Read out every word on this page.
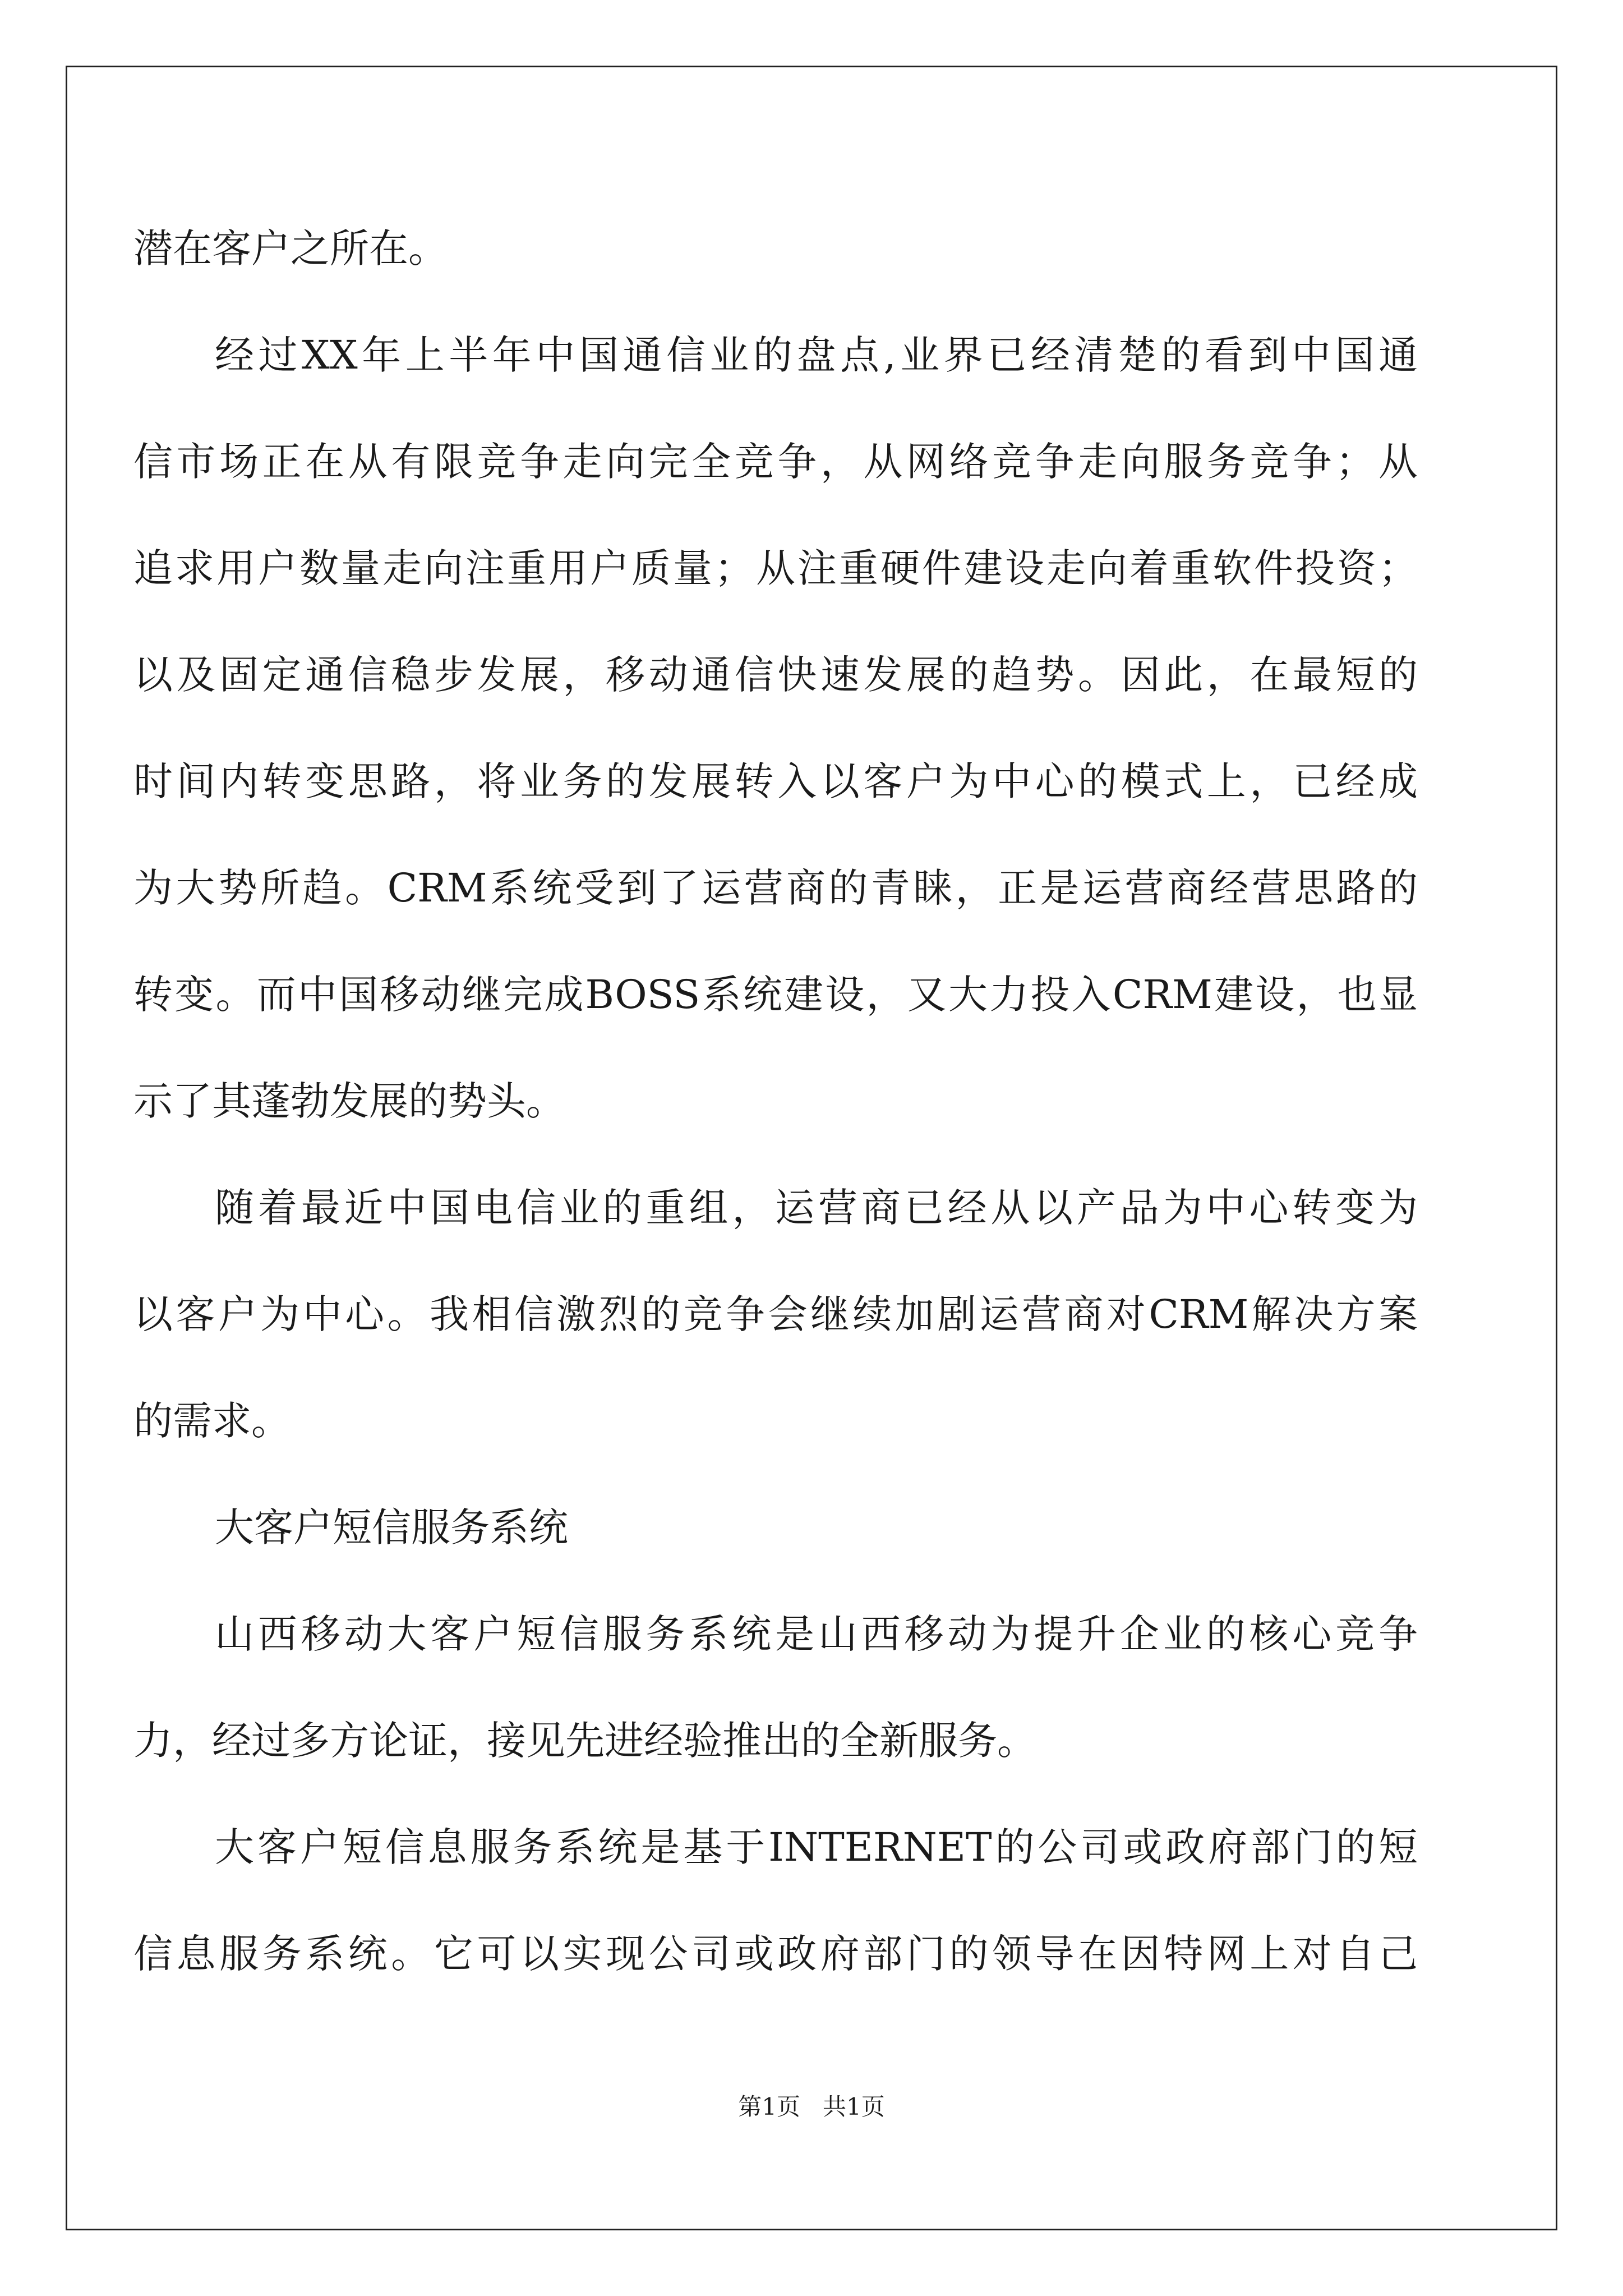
潜在客户之所在。
经过XX年上半年中国通信业的盘点,业界已经清楚的看到中国通
信市场正在从有限竞争走向完全竞争，从网络竞争走向服务竞争；从
追求用户数量走向注重用户质量；从注重硬件建设走向着重软件投资；
以及固定通信稳步发展，移动通信快速发展的趋势。因此，在最短的
时间内转变思路，将业务的发展转入以客户为中心的模式上，已经成
为大势所趋。CRM系统受到了运营商的青睐，正是运营商经营思路的
转变。而中国移动继完成BOSS系统建设，又大力投入CRM建设，也显
示了其蓬勃发展的势头。
随着最近中国电信业的重组，运营商已经从以产品为中心转变为
以客户为中心。我相信激烈的竞争会继续加剧运营商对CRM解决方案
的需求。
大客户短信服务系统
山西移动大客户短信服务系统是山西移动为提升企业的核心竞争
力，经过多方论证，接见先进经验推出的全新服务。
大客户短信息服务系统是基于INTERNET的公司或政府部门的短
信息服务系统。它可以实现公司或政府部门的领导在因特网上对自己
第1页   共1页
